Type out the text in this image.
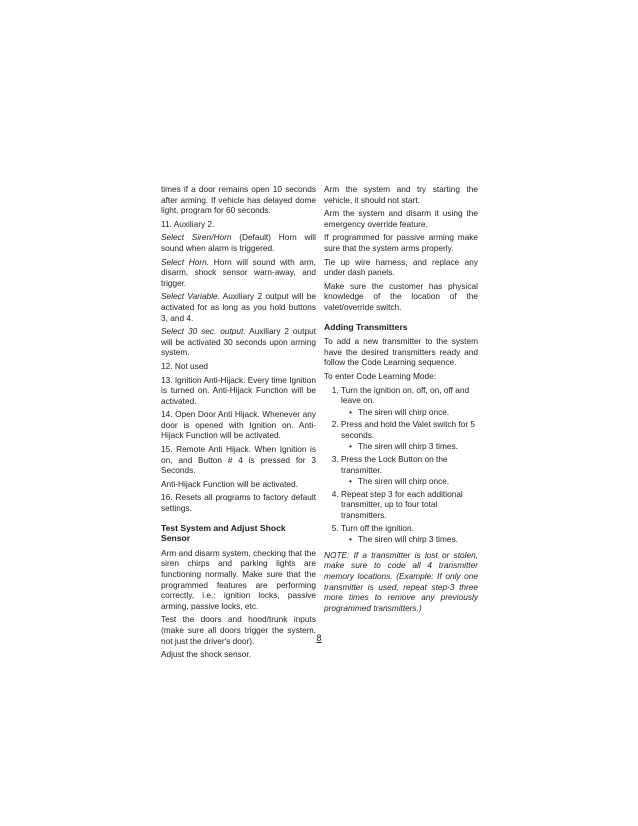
times if a door remains open 10 seconds after arming. If vehicle has delayed dome light, program for 60 seconds.

11. Auxiliary 2.

Select Siren/Horn (Default) Horn will sound when alarm is triggered.

Select Horn. Horn will sound with arm, disarm, shock sensor warn-away, and trigger.

Select Variable. Auxiliary 2 output will be activated for as long as you hold buttons 3, and 4.

Select 30 sec. output. Auxiliary 2 output will be activated 30 seconds upon arming system.

12. Not used

13. Ignition Anti-Hijack. Every time Ignition is turned on. Anti-Hijack Function will be activated.

14. Open Door Anti Hijack. Whenever any door is opened with Ignition on. Anti-Hijack Function will be activated.

15. Remote Anti Hijack. When Ignition is on, and Button # 4 is pressed for 3 Seconds.

Anti-Hijack Function will be activated.

16. Resets all programs to factory default settings.

Test System and Adjust Shock Sensor

Arm and disarm system, checking that the siren chirps and parking lights are functioning normally. Make sure that the programmed features are performing correctly, i.e.: ignition locks, passive arming, passive locks, etc.

Test the doors and hood/trunk inputs (make sure all doors trigger the system, not just the driver's door).

Adjust the shock sensor.

Arm the system and try starting the vehicle, it should not start.

Arm the system and disarm it using the emergency override feature.

If programmed for passive arming make sure that the system arms properly.

Tie up wire harness, and replace any under dash panels.

Make sure the customer has physical knowledge of the location of the valet/override switch.

Adding Transmitters

To add a new transmitter to the system have the desired transmitters ready and follow the Code Learning sequence.

To enter Code Learning Mode:

1. Turn the ignition on, off, on, off and leave on.
• The siren will chirp once.
2. Press and hold the Valet switch for 5 seconds.
• The siren will chirp 3 times.
3. Press the Lock Button on the transmitter.
• The siren will chirp once.
4. Repeat step 3 for each additional transmitter, up to four total transmitters.
5. Turn off the ignition.
• The siren will chirp 3 times.

NOTE: If a transmitter is lost or stolen, make sure to code all 4 transmitter memory locations. (Example: If only one transmitter is used, repeat step-3 three more times to remove any previously programmed transmitters.)

8
